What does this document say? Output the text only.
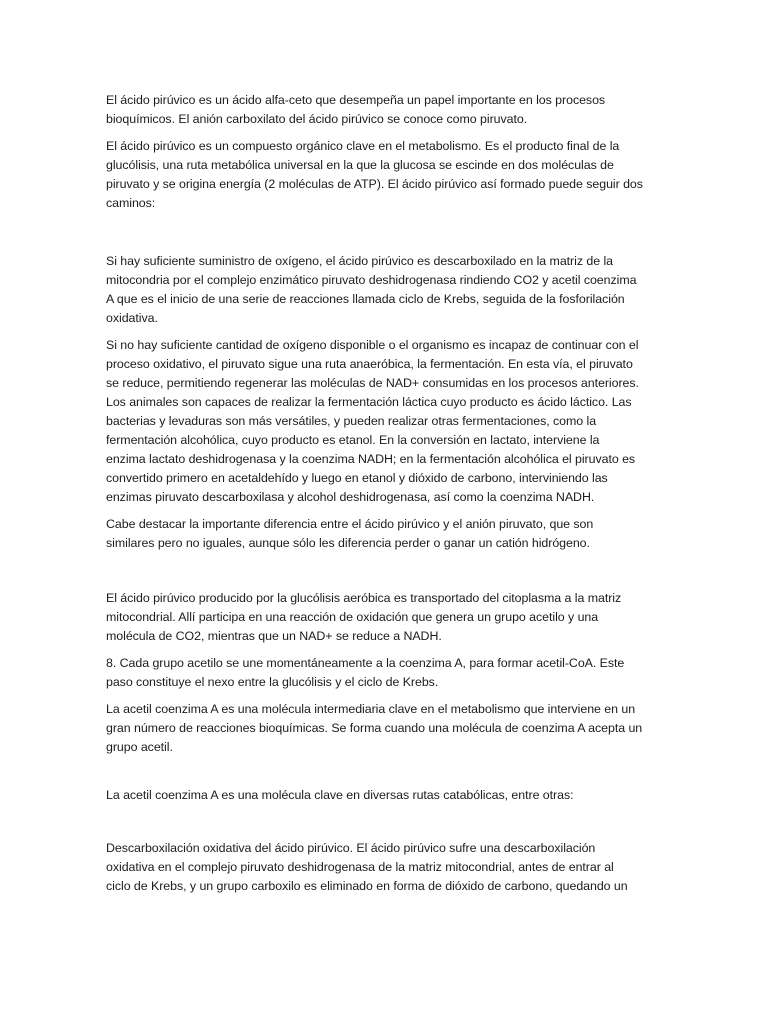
El ácido pirúvico es un ácido alfa-ceto que desempeña un papel importante en los procesos
bioquímicos. El anión carboxilato del ácido pirúvico se conoce como piruvato.

El ácido pirúvico es un compuesto orgánico clave en el metabolismo. Es el producto final de la
glucólisis, una ruta metabólica universal en la que la glucosa se escinde en dos moléculas de
piruvato y se origina energía (2 moléculas de ATP). El ácido pirúvico así formado puede seguir dos
caminos:

Si hay suficiente suministro de oxígeno, el ácido pirúvico es descarboxilado en la matriz de la
mitocondria por el complejo enzimático piruvato deshidrogenasa rindiendo CO2 y acetil coenzima
A que es el inicio de una serie de reacciones llamada ciclo de Krebs, seguida de la fosforilación
oxidativa.

Si no hay suficiente cantidad de oxígeno disponible o el organismo es incapaz de continuar con el
proceso oxidativo, el piruvato sigue una ruta anaeróbica, la fermentación. En esta vía, el piruvato
se reduce, permitiendo regenerar las moléculas de NAD+ consumidas en los procesos anteriores.
Los animales son capaces de realizar la fermentación láctica cuyo producto es ácido láctico. Las
bacterias y levaduras son más versátiles, y pueden realizar otras fermentaciones, como la
fermentación alcohólica, cuyo producto es etanol. En la conversión en lactato, interviene la
enzima lactato deshidrogenasa y la coenzima NADH; en la fermentación alcohólica el piruvato es
convertido primero en acetaldehído y luego en etanol y dióxido de carbono, interviniendo las
enzimas piruvato descarboxilasa y alcohol deshidrogenasa, así como la coenzima NADH.

Cabe destacar la importante diferencia entre el ácido pirúvico y el anión piruvato, que son
similares pero no iguales, aunque sólo les diferencia perder o ganar un catión hidrógeno.

El ácido pirúvico producido por la glucólisis aeróbica es transportado del citoplasma a la matriz
mitocondrial. Allí participa en una reacción de oxidación que genera un grupo acetilo y una
molécula de CO2, mientras que un NAD+ se reduce a NADH.

8. Cada grupo acetilo se une momentáneamente a la coenzima A, para formar acetil-CoA. Este
paso constituye el nexo entre la glucólisis y el ciclo de Krebs.

La acetil coenzima A es una molécula intermediaria clave en el metabolismo que interviene en un
gran número de reacciones bioquímicas. Se forma cuando una molécula de coenzima A acepta un
grupo acetil.

La acetil coenzima A es una molécula clave en diversas rutas catabólicas, entre otras:

Descarboxilación oxidativa del ácido pirúvico. El ácido pirúvico sufre una descarboxilación
oxidativa en el complejo piruvato deshidrogenasa de la matriz mitocondrial, antes de entrar al
ciclo de Krebs, y un grupo carboxilo es eliminado en forma de dióxido de carbono, quedando un
